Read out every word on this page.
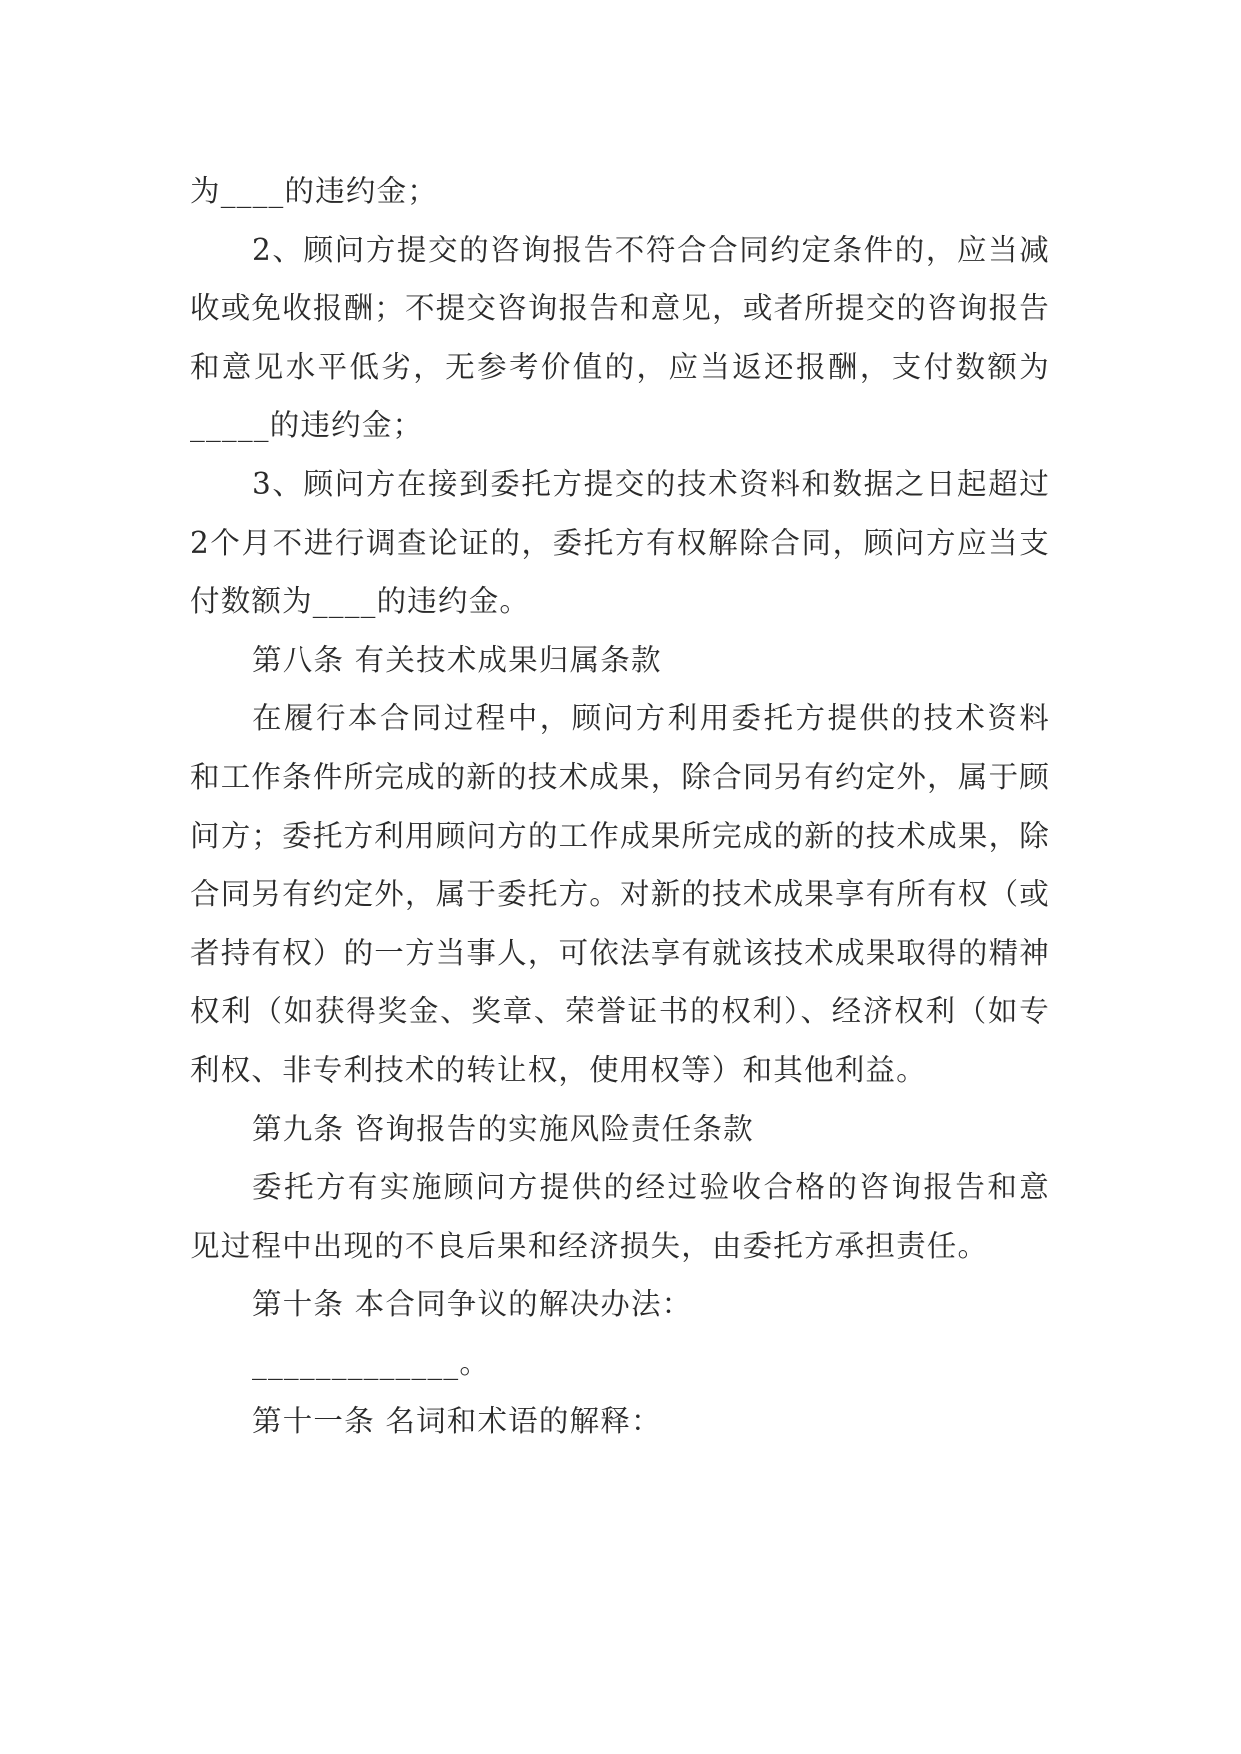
为____的违约金；

2、顾问方提交的咨询报告不符合合同约定条件的，应当减收或免收报酬；不提交咨询报告和意见，或者所提交的咨询报告和意见水平低劣，无参考价值的，应当返还报酬，支付数额为_____的违约金；

3、顾问方在接到委托方提交的技术资料和数据之日起超过2个月不进行调查论证的，委托方有权解除合同，顾问方应当支付数额为____的违约金。

第八条 有关技术成果归属条款

在履行本合同过程中，顾问方利用委托方提供的技术资料和工作条件所完成的新的技术成果，除合同另有约定外，属于顾问方；委托方利用顾问方的工作成果所完成的新的技术成果，除合同另有约定外，属于委托方。对新的技术成果享有所有权（或者持有权）的一方当事人，可依法享有就该技术成果取得的精神权利（如获得奖金、奖章、荣誉证书的权利）、经济权利（如专利权、非专利技术的转让权，使用权等）和其他利益。

第九条 咨询报告的实施风险责任条款

委托方有实施顾问方提供的经过验收合格的咨询报告和意见过程中出现的不良后果和经济损失，由委托方承担责任。

第十条 本合同争议的解决办法：

_____________。

第十一条 名词和术语的解释：
